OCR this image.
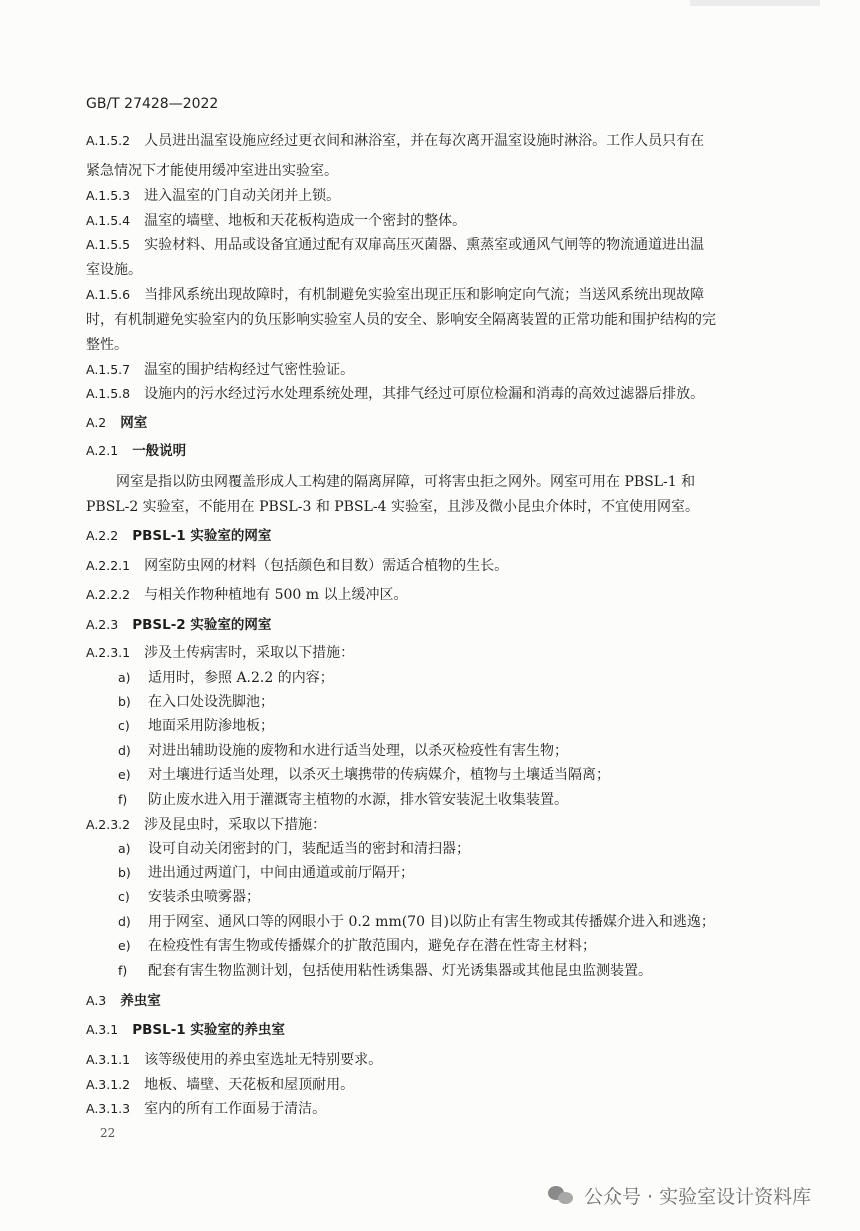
GB/T 27428—2022
A.1.5.2 人员进出温室设施应经过更衣间和淋浴室，并在每次离开温室设施时淋浴。工作人员只有在
紧急情况下才能使用缓冲室进出实验室。
A.1.5.3 进入温室的门自动关闭并上锁。
A.1.5.4 温室的墙壁、地板和天花板构造成一个密封的整体。
A.1.5.5 实验材料、用品或设备宜通过配有双扉高压灭菌器、熏蒸室或通风气闸等的物流通道进出温
室设施。
A.1.5.6 当排风系统出现故障时，有机制避免实验室出现正压和影响定向气流；当送风系统出现故障
时，有机制避免实验室内的负压影响实验室人员的安全、影响安全隔离装置的正常功能和围护结构的完
整性。
A.1.5.7 温室的围护结构经过气密性验证。
A.1.5.8 设施内的污水经过污水处理系统处理，其排气经过可原位检漏和消毒的高效过滤器后排放。
A.2 网室
A.2.1 一般说明
网室是指以防虫网覆盖形成人工构建的隔离屏障，可将害虫拒之网外。网室可用在 PBSL-1 和
PBSL-2 实验室，不能用在 PBSL-3 和 PBSL-4 实验室，且涉及微小昆虫介体时，不宜使用网室。
A.2.2 PBSL-1 实验室的网室
A.2.2.1 网室防虫网的材料（包括颜色和目数）需适合植物的生长。
A.2.2.2 与相关作物种植地有 500 m 以上缓冲区。
A.2.3 PBSL-2 实验室的网室
A.2.3.1 涉及土传病害时，采取以下措施：
a) 适用时，参照 A.2.2 的内容；
b) 在入口处设洗脚池；
c) 地面采用防渗地板；
d) 对进出辅助设施的废物和水进行适当处理，以杀灭检疫性有害生物；
e) 对土壤进行适当处理，以杀灭土壤携带的传病媒介，植物与土壤适当隔离；
f) 防止废水进入用于灌溉寄主植物的水源，排水管安装泥土收集装置。
A.2.3.2 涉及昆虫时，采取以下措施：
a) 设可自动关闭密封的门，装配适当的密封和清扫器；
b) 进出通过两道门，中间由通道或前厅隔开；
c) 安装杀虫喷雾器；
d) 用于网室、通风口等的网眼小于 0.2 mm(70 目)以防止有害生物或其传播媒介进入和逃逸；
e) 在检疫性有害生物或传播媒介的扩散范围内，避免存在潜在性寄主材料；
f) 配套有害生物监测计划，包括使用粘性诱集器、灯光诱集器或其他昆虫监测装置。
A.3 养虫室
A.3.1 PBSL-1 实验室的养虫室
A.3.1.1 该等级使用的养虫室选址无特别要求。
A.3.1.2 地板、墙壁、天花板和屋顶耐用。
A.3.1.3 室内的所有工作面易于清洁。
22
公众号 · 实验室设计资料库
